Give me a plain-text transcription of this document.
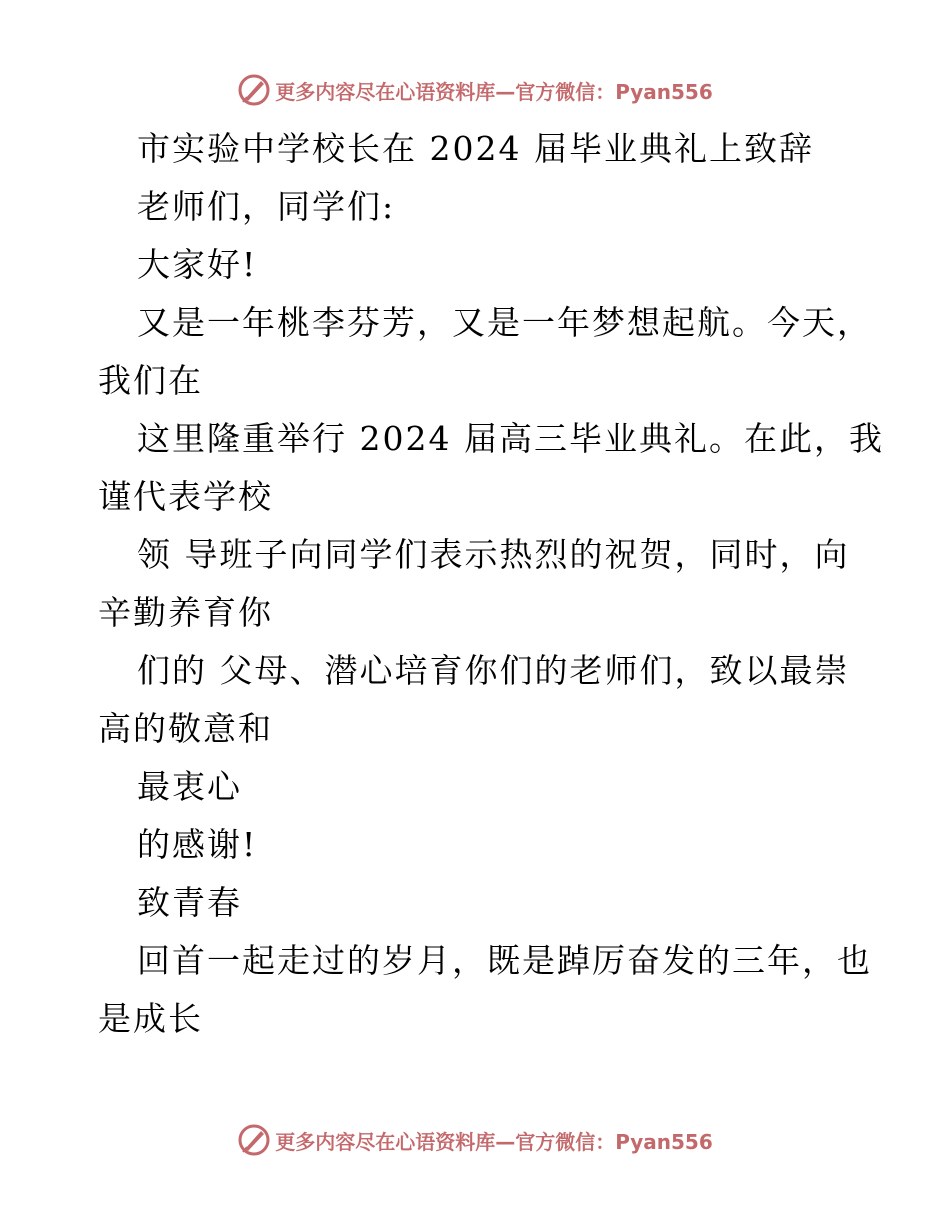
更多内容尽在心语资料库—官方微信：Pyan556
市实验中学校长在 2024 届毕业典礼上致辞
老师们，同学们:
大家好!
又是一年桃李芬芳，又是一年梦想起航。今天，
我们在
这里隆重举行 2024 届高三毕业典礼。在此，我
谨代表学校
领 导班子向同学们表示热烈的祝贺，同时，向
辛勤养育你
们的 父母、潜心培育你们的老师们，致以最崇
高的敬意和
最衷心
的感谢!
致青春
回首一起走过的岁月，既是踔厉奋发的三年，也
是成长
更多内容尽在心语资料库—官方微信：Pyan556
